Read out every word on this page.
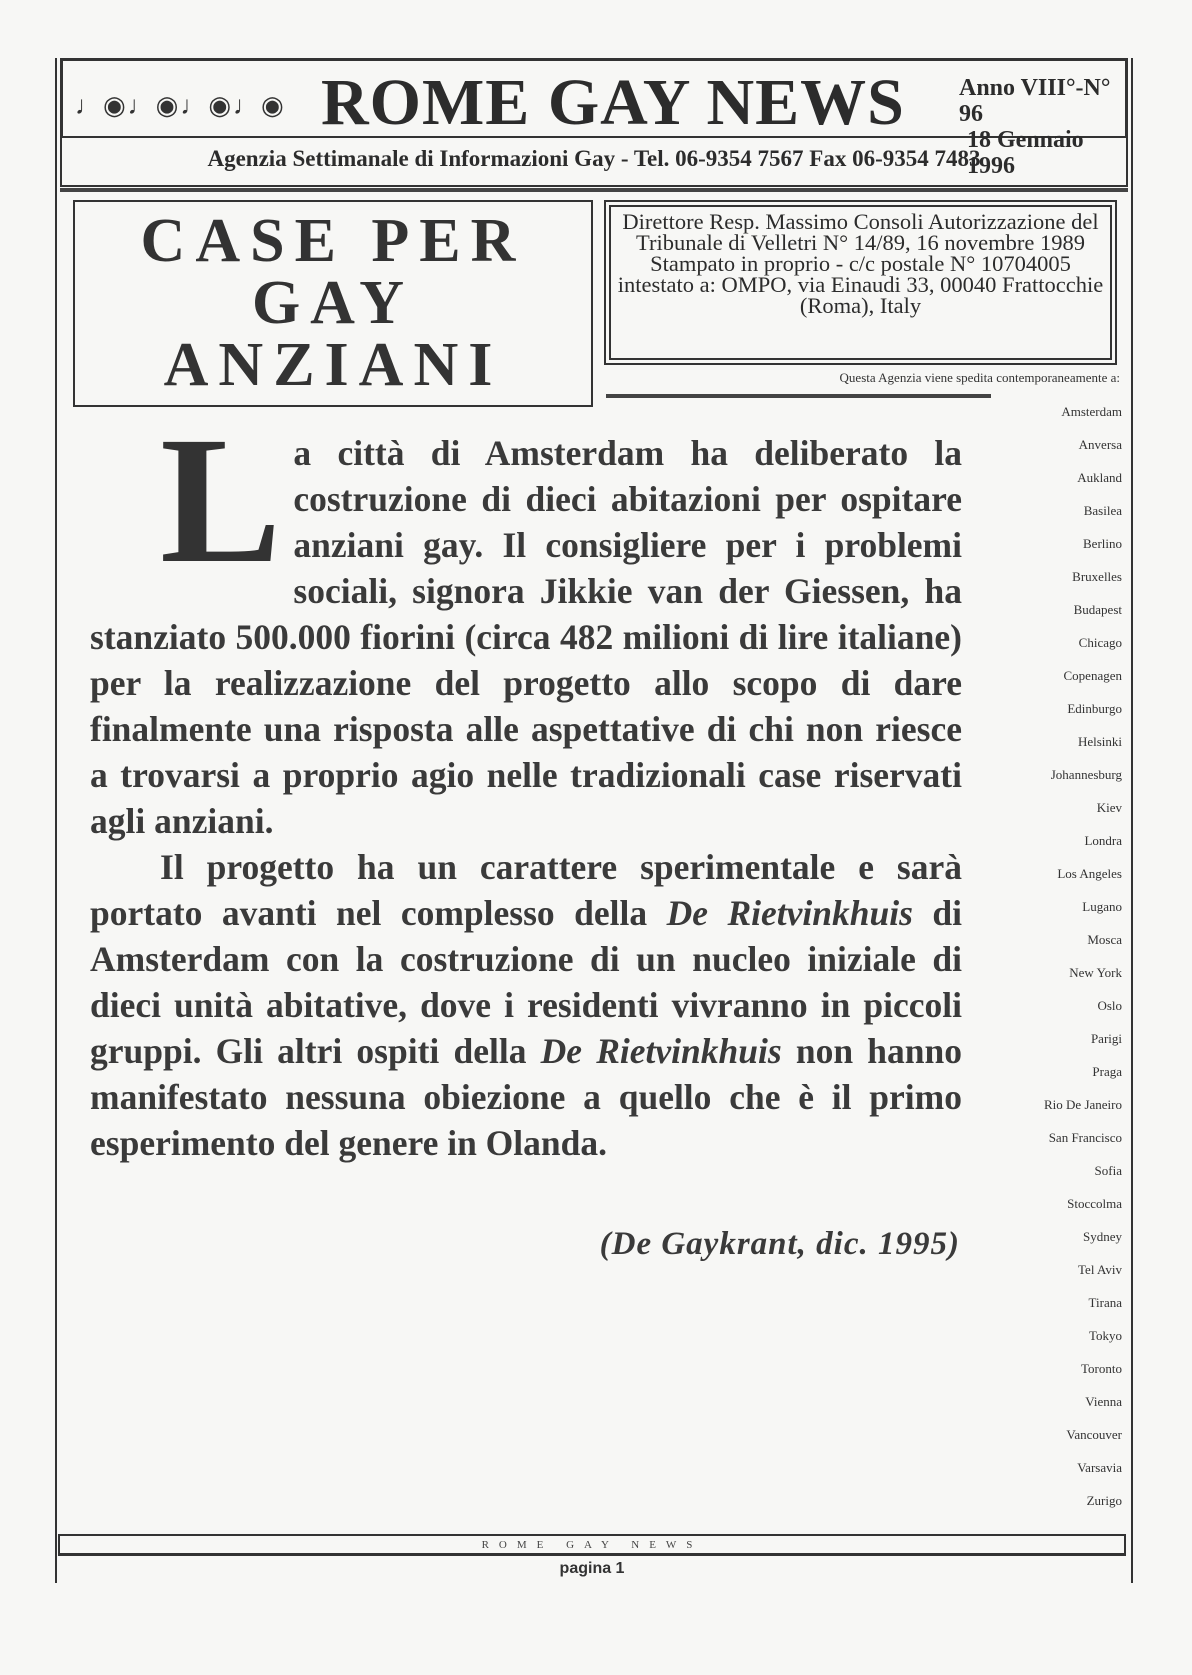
♩◉♩◉♩◉♩◉ ROME GAY NEWS Anno VIII°-N° 96
18 Gennaio 1996
Agenzia Settimanale di Informazioni Gay - Tel. 06-9354 7567 Fax 06-9354 7483
CASE PER
GAY
ANZIANI
Direttore Resp. Massimo Consoli Autorizzazione del Tribunale di Velletri N° 14/89, 16 novembre 1989 Stampato in proprio - c/c postale N° 10704005 intestato a: OMPO, via Einaudi 33, 00040 Frattocchie (Roma), Italy
Questa Agenzia viene spedita contemporaneamente a:

La città di Amsterdam ha deliberato la costruzione di dieci abitazioni per ospitare anziani gay. Il consigliere per i problemi sociali, signora Jikkie van der Giessen, ha stanziato 500.000 fiorini (circa 482 milioni di lire italiane) per la realizzazione del progetto allo scopo di dare finalmente una risposta alle aspettative di chi non riesce a trovarsi a proprio agio nelle tradizionali case riservati agli anziani.

Il progetto ha un carattere sperimentale e sarà portato avanti nel complesso della De Rietvinkhuis di Amsterdam con la costruzione di un nucleo iniziale di dieci unità abitative, dove i residenti vivranno in piccoli gruppi. Gli altri ospiti della De Rietvinkhuis non hanno manifestato nessuna obiezione a quello che è il primo esperimento del genere in Olanda.

(De Gaykrant, dic. 1995)
Amsterdam
Anversa
Aukland
Basilea
Berlino
Bruxelles
Budapest
Chicago
Copenagen
Edinburgo
Helsinki
Johannesburg
Kiev
Londra
Los Angeles
Lugano
Mosca
New York
Oslo
Parigi
Praga
Rio De Janeiro
San Francisco
Sofia
Stoccolma
Sydney
Tel Aviv
Tirana
Tokyo
Toronto
Vienna
Vancouver
Varsavia
Zurigo
ROME GAY NEWS
pagina 1
